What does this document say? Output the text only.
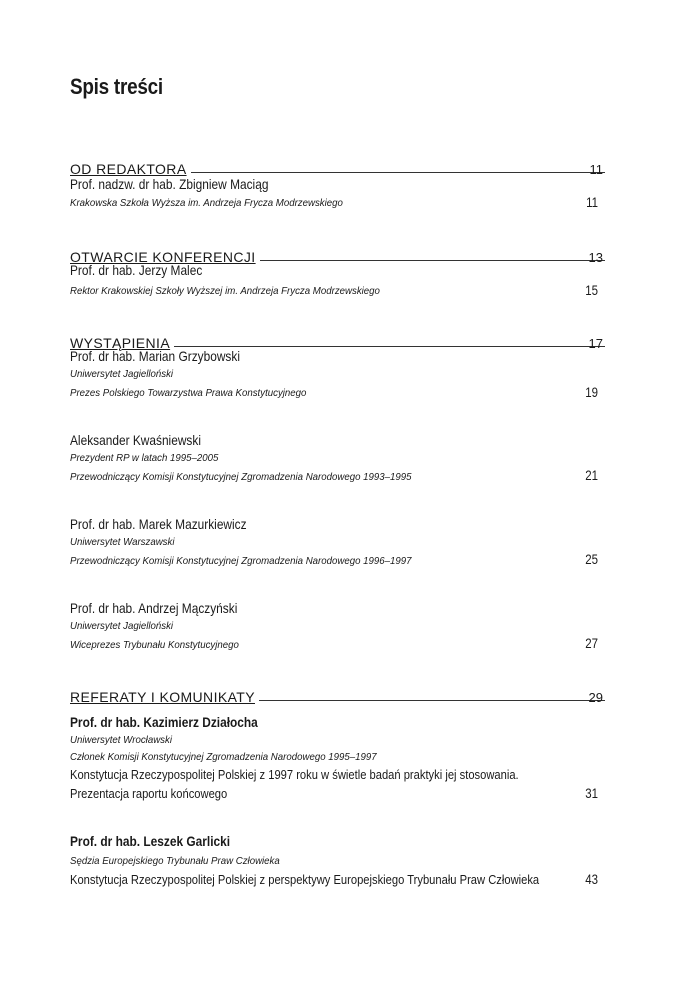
Spis treści
OD REDAKTORA	11
Prof. nadzw. dr hab. Zbigniew Maciąg
Krakowska Szkoła Wyższa im. Andrzeja Frycza Modrzewskiego	11
OTWARCIE KONFERENCJI	13
Prof. dr hab. Jerzy Malec
Rektor Krakowskiej Szkoły Wyższej im. Andrzeja Frycza Modrzewskiego	15
WYSTĄPIENIA	17
Prof. dr hab. Marian Grzybowski
Uniwersytet Jagielloński
Prezes Polskiego Towarzystwa Prawa Konstytucyjnego	19
Aleksander Kwaśniewski
Prezydent RP w latach 1995–2005
Przewodniczący Komisji Konstytucyjnej Zgromadzenia Narodowego 1993–1995	21
Prof. dr hab. Marek Mazurkiewicz
Uniwersytet Warszawski
Przewodniczący Komisji Konstytucyjnej Zgromadzenia Narodowego 1996–1997	25
Prof. dr hab. Andrzej Mączyński
Uniwersytet Jagielloński
Wiceprezes Trybunału Konstytucyjnego	27
REFERATY I KOMUNIKATY	29
Prof. dr hab. Kazimierz Działocha
Uniwersytet Wrocławski
Członek Komisji Konstytucyjnej Zgromadzenia Narodowego 1995–1997
Konstytucja Rzeczypospolitej Polskiej z 1997 roku w świetle badań praktyki jej stosowania.
Prezentacja raportu końcowego	31
Prof. dr hab. Leszek Garlicki
Sędzia Europejskiego Trybunału Praw Człowieka
Konstytucja Rzeczypospolitej Polskiej z perspektywy Europejskiego Trybunału Praw Człowieka	43
